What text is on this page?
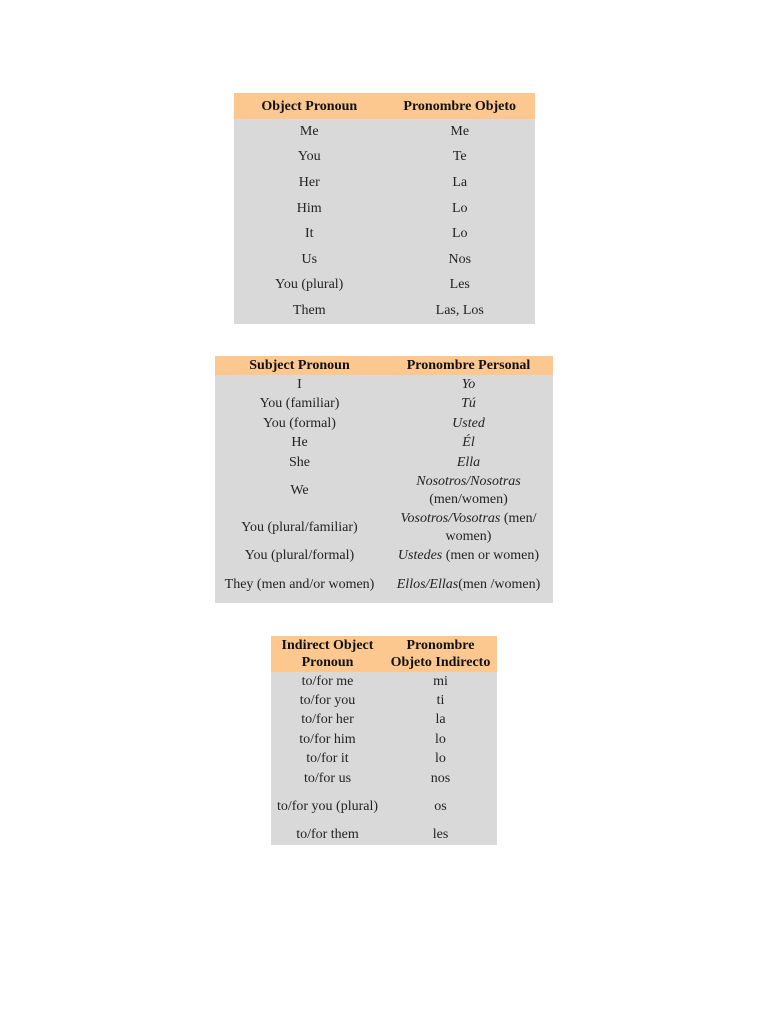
Object Pronoun	Pronombre Objeto
Me	Me
You	Te
Her	La
Him	Lo
It	Lo
Us	Nos
You (plural)	Les
Them	Las, Los
Subject Pronoun	Pronombre Personal
I	Yo
You (familiar)	Tú
You (formal)	Usted
He	Él
She	Ella
We	Nosotros/Nosotras (men/women)
You (plural/familiar)	Vosotros/Vosotras (men/ women)
You (plural/formal)	Ustedes (men or women)
They (men and/or women)	Ellos/Ellas(men /women)
Indirect Object Pronoun	Pronombre Objeto Indirecto
to/for me	mi
to/for you	ti
to/for her	la
to/for him	lo
to/for it	lo
to/for us	nos
to/for you (plural)	os
to/for them	les
